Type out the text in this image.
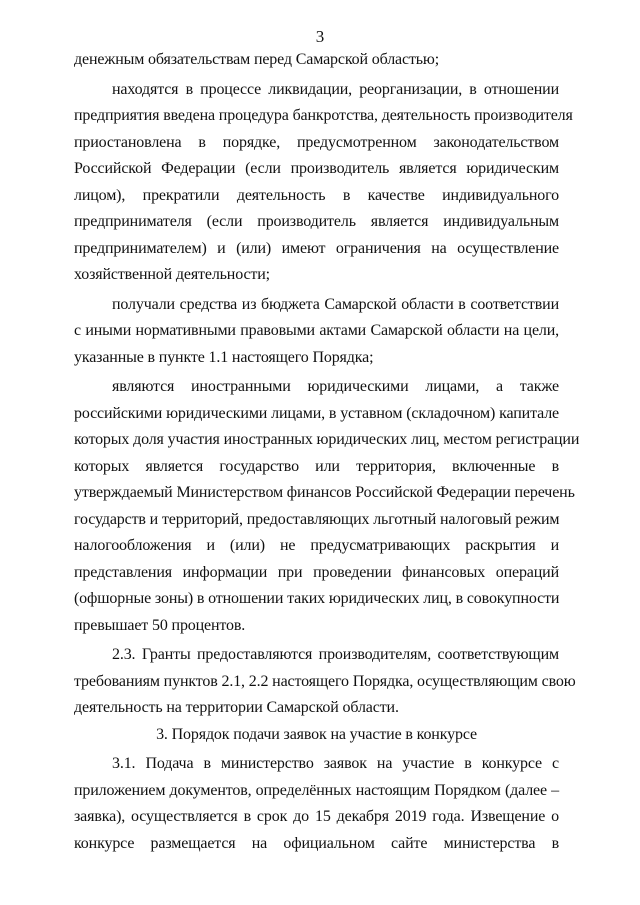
3

денежным обязательствам перед Самарской областью;

находятся в процессе ликвидации, реорганизации, в отношении
предприятия введена процедура банкротства, деятельность производителя
приостановлена в порядке, предусмотренном законодательством
Российской Федерации (если производитель является юридическим
лицом), прекратили деятельность в качестве индивидуального
предпринимателя (если производитель является индивидуальным
предпринимателем) и (или) имеют ограничения на осуществление
хозяйственной деятельности;

получали средства из бюджета Самарской области в соответствии
с иными нормативными правовыми актами Самарской области на цели,
указанные в пункте 1.1 настоящего Порядка;

являются иностранными юридическими лицами, а также
российскими юридическими лицами, в уставном (складочном) капитале
которых доля участия иностранных юридических лиц, местом регистрации
которых является государство или территория, включенные в
утверждаемый Министерством финансов Российской Федерации перечень
государств и территорий, предоставляющих льготный налоговый режим
налогообложения и (или) не предусматривающих раскрытия и
представления информации при проведении финансовых операций
(офшорные зоны) в отношении таких юридических лиц, в совокупности
превышает 50 процентов.

2.3. Гранты предоставляются производителям, соответствующим
требованиям пунктов 2.1, 2.2 настоящего Порядка, осуществляющим свою
деятельность на территории Самарской области.

3. Порядок подачи заявок на участие в конкурсе

3.1. Подача в министерство заявок на участие в конкурсе с
приложением документов, определённых настоящим Порядком (далее –
заявка), осуществляется в срок до 15 декабря 2019 года. Извещение о
конкурсе размещается на официальном сайте министерства в
